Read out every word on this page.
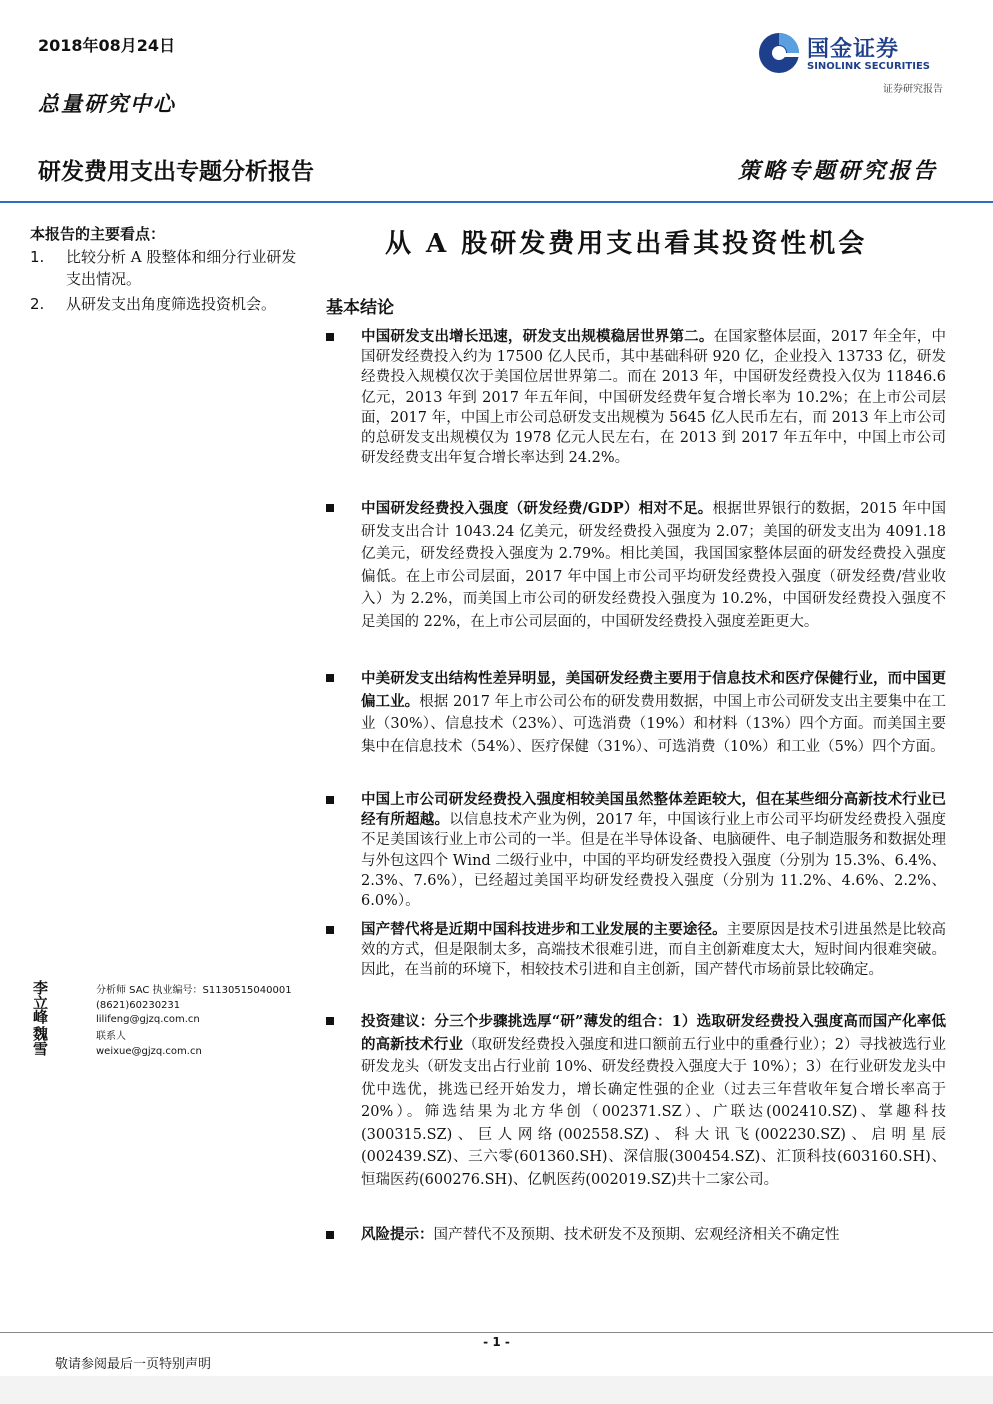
2018年08月24日
总量研究中心
研发费用支出专题分析报告
国金证券
SINOLINK SECURITIES
证券研究报告
策略专题研究报告
本报告的主要看点：
1.	比较分析 A 股整体和细分行业研发支出情况。
2.	从研发支出角度筛选投资机会。
从 A 股研发费用支出看其投资性机会
基本结论
中国研发支出增长迅速，研发支出规模稳居世界第二。在国家整体层面，2017 年全年，中国研发经费投入约为 17500 亿人民币，其中基础科研 920 亿，企业投入 13733 亿，研发经费投入规模仅次于美国位居世界第二。而在 2013 年，中国研发经费投入仅为 11846.6 亿元，2013 年到 2017 年五年间，中国研发经费年复合增长率为 10.2%；在上市公司层面，2017 年，中国上市公司总研发支出规模为 5645 亿人民币左右，而 2013 年上市公司的总研发支出规模仅为 1978 亿元人民左右，在 2013 到 2017 年五年中，中国上市公司研发经费支出年复合增长率达到 24.2%。
中国研发经费投入强度（研发经费/GDP）相对不足。根据世界银行的数据，2015 年中国研发支出合计 1043.24 亿美元，研发经费投入强度为 2.07；美国的研发支出为 4091.18 亿美元，研发经费投入强度为 2.79%。相比美国，我国国家整体层面的研发经费投入强度偏低。在上市公司层面，2017 年中国上市公司平均研发经费投入强度（研发经费/营业收入）为 2.2%，而美国上市公司的研发经费投入强度为 10.2%，中国研发经费投入强度不足美国的 22%，在上市公司层面的，中国研发经费投入强度差距更大。
中美研发支出结构性差异明显，美国研发经费主要用于信息技术和医疗保健行业，而中国更偏工业。根据 2017 年上市公司公布的研发费用数据，中国上市公司研发支出主要集中在工业（30%）、信息技术（23%）、可选消费（19%）和材料（13%）四个方面。而美国主要集中在信息技术（54%）、医疗保健（31%）、可选消费（10%）和工业（5%）四个方面。
中国上市公司研发经费投入强度相较美国虽然整体差距较大，但在某些细分高新技术行业已经有所超越。以信息技术产业为例，2017 年，中国该行业上市公司平均研发经费投入强度不足美国该行业上市公司的一半。但是在半导体设备、电脑硬件、电子制造服务和数据处理与外包这四个 Wind 二级行业中，中国的平均研发经费投入强度（分别为 15.3%、6.4%、2.3%、7.6%），已经超过美国平均研发经费投入强度（分别为 11.2%、4.6%、2.2%、6.0%）。
国产替代将是近期中国科技进步和工业发展的主要途径。主要原因是技术引进虽然是比较高效的方式，但是限制太多，高端技术很难引进，而自主创新难度太大，短时间内很难突破。因此，在当前的环境下，相较技术引进和自主创新，国产替代市场前景比较确定。
投资建议：分三个步骤挑选厚“研”薄发的组合：1）选取研发经费投入强度高而国产化率低的高新技术行业（取研发经费投入强度和进口额前五行业中的重叠行业）；2）寻找被选行业研发龙头（研发支出占行业前 10%、研发经费投入强度大于 10%）；3）在行业研发龙头中优中选优，挑选已经开始发力，增长确定性强的企业（过去三年营收年复合增长率高于 20%）。筛选结果为北方华创（002371.SZ）、广联达(002410.SZ)、掌趣科技(300315.SZ)、巨人网络(002558.SZ)、科大讯飞(002230.SZ)、启明星辰(002439.SZ)、三六零(601360.SH)、深信服(300454.SZ)、汇顶科技(603160.SH)、恒瑞医药(600276.SH)、亿帆医药(002019.SZ)共十二家公司。
风险提示：国产替代不及预期、技术研发不及预期、宏观经济相关不确定性
李立峰
分析师 SAC 执业编号：S1130515040001
(8621)60230231
lilifeng@gjzq.com.cn
魏雪
联系人
weixue@gjzq.com.cn
- 1 -
敬请参阅最后一页特别声明
